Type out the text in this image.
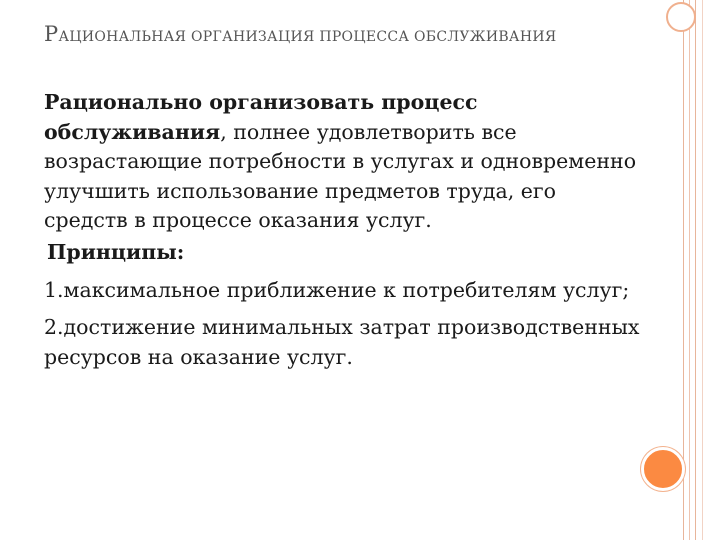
РАЦИОНАЛЬНАЯ ОРГАНИЗАЦИЯ ПРОЦЕССА ОБСЛУЖИВАНИЯ

Рационально организовать процесс обслуживания, полнее удовлетворить все возрастающие потребности в услугах и одновременно улучшить использование предметов труда, его средств в процессе оказания услуг.

Принципы:

1.максимальное приближение к потребителям услуг;

2.достижение минимальных затрат производственных ресурсов на оказание услуг.
